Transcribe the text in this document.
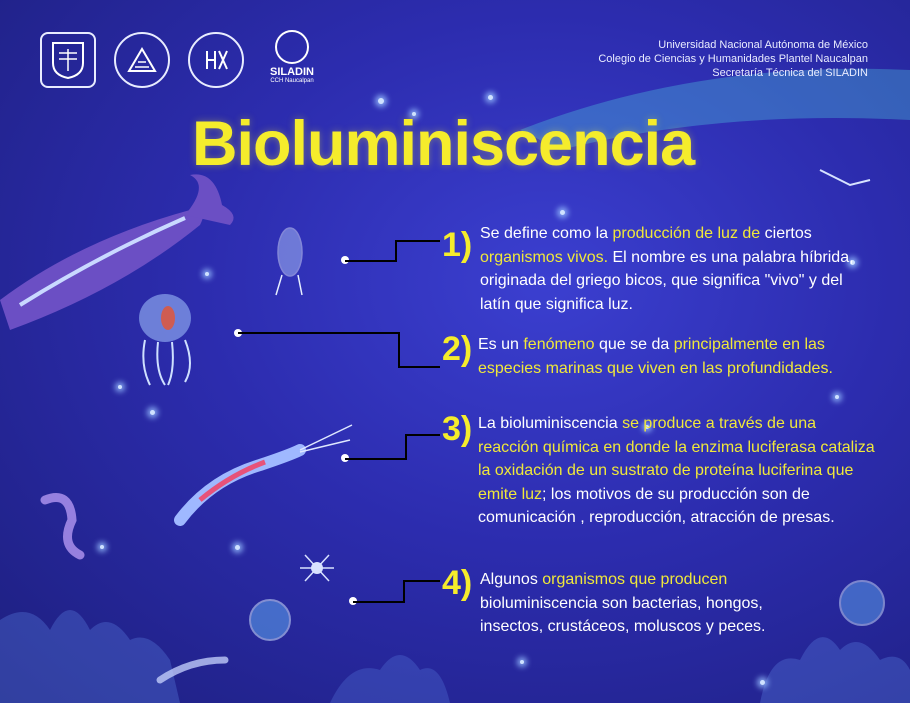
SILADIN
CCH Naucalpan
Universidad Nacional Autónoma de México
Colegio de Ciencias y Humanidades Plantel Naucalpan
Secretaría Técnica del SILADIN
Bioluminiscencia
1) Se define como la producción de luz de ciertos organismos vivos. El nombre es una palabra híbrida, originada del griego bicos, que significa "vivo" y del latín que significa luz.
2) Es un fenómeno que se da principalmente en las especies marinas que viven en las profundidades.
3) La bioluminiscencia se produce a través de una reacción química en donde la enzima luciferasa cataliza la oxidación de un sustrato de proteína luciferina que emite luz; los motivos de su producción son de comunicación , reproducción, atracción de presas.
4) Algunos organismos que producen bioluminiscencia son bacterias, hongos, insectos, crustáceos, moluscos y peces.
